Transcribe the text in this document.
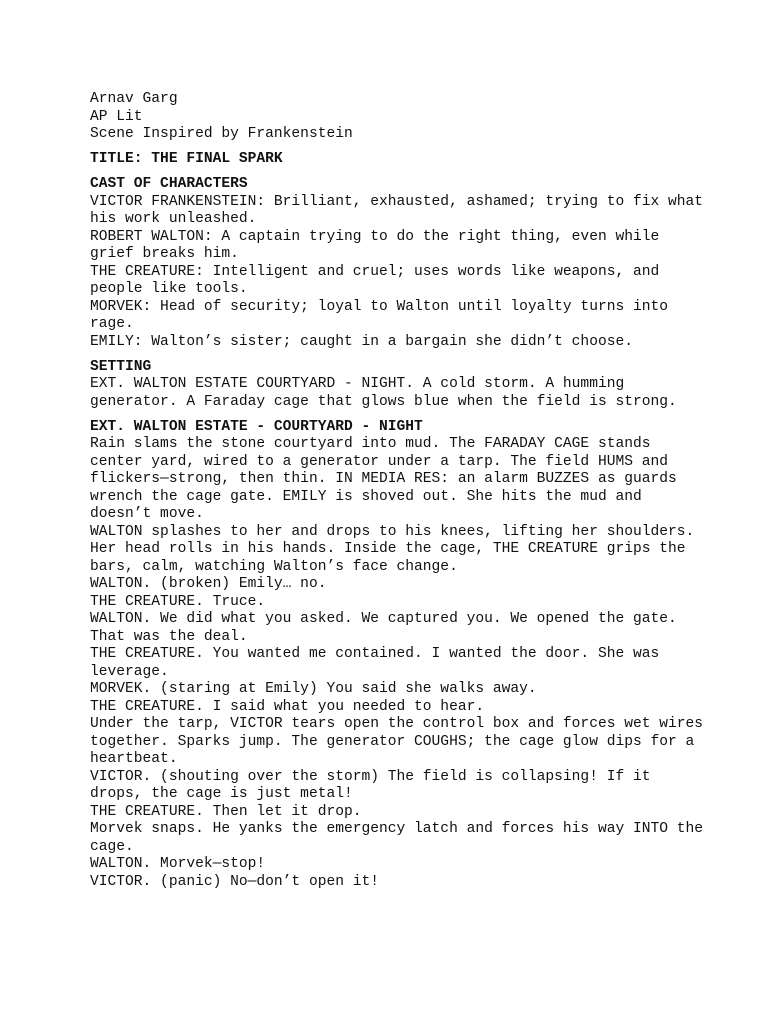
Arnav Garg
AP Lit
Scene Inspired by Frankenstein
TITLE: THE FINAL SPARK
CAST OF CHARACTERS
VICTOR FRANKENSTEIN: Brilliant, exhausted, ashamed; trying to fix what his work unleashed.
ROBERT WALTON: A captain trying to do the right thing, even while grief breaks him.
THE CREATURE: Intelligent and cruel; uses words like weapons, and people like tools.
MORVEK: Head of security; loyal to Walton until loyalty turns into rage.
EMILY: Walton’s sister; caught in a bargain she didn’t choose.
SETTING
EXT. WALTON ESTATE COURTYARD - NIGHT. A cold storm. A humming generator. A Faraday cage that glows blue when the field is strong.
EXT. WALTON ESTATE - COURTYARD - NIGHT
Rain slams the stone courtyard into mud. The FARADAY CAGE stands center yard, wired to a generator under a tarp. The field HUMS and flickers—strong, then thin. IN MEDIA RES: an alarm BUZZES as guards wrench the cage gate. EMILY is shoved out. She hits the mud and doesn’t move.
WALTON splashes to her and drops to his knees, lifting her shoulders. Her head rolls in his hands. Inside the cage, THE CREATURE grips the bars, calm, watching Walton’s face change.
WALTON. (broken) Emily… no.
THE CREATURE. Truce.
WALTON. We did what you asked. We captured you. We opened the gate. That was the deal.
THE CREATURE. You wanted me contained. I wanted the door. She was leverage.
MORVEK. (staring at Emily) You said she walks away.
THE CREATURE. I said what you needed to hear.
Under the tarp, VICTOR tears open the control box and forces wet wires together. Sparks jump. The generator COUGHS; the cage glow dips for a heartbeat.
VICTOR. (shouting over the storm) The field is collapsing! If it drops, the cage is just metal!
THE CREATURE. Then let it drop.
Morvek snaps. He yanks the emergency latch and forces his way INTO the cage.
WALTON. Morvek—stop!
VICTOR. (panic) No—don’t open it!
